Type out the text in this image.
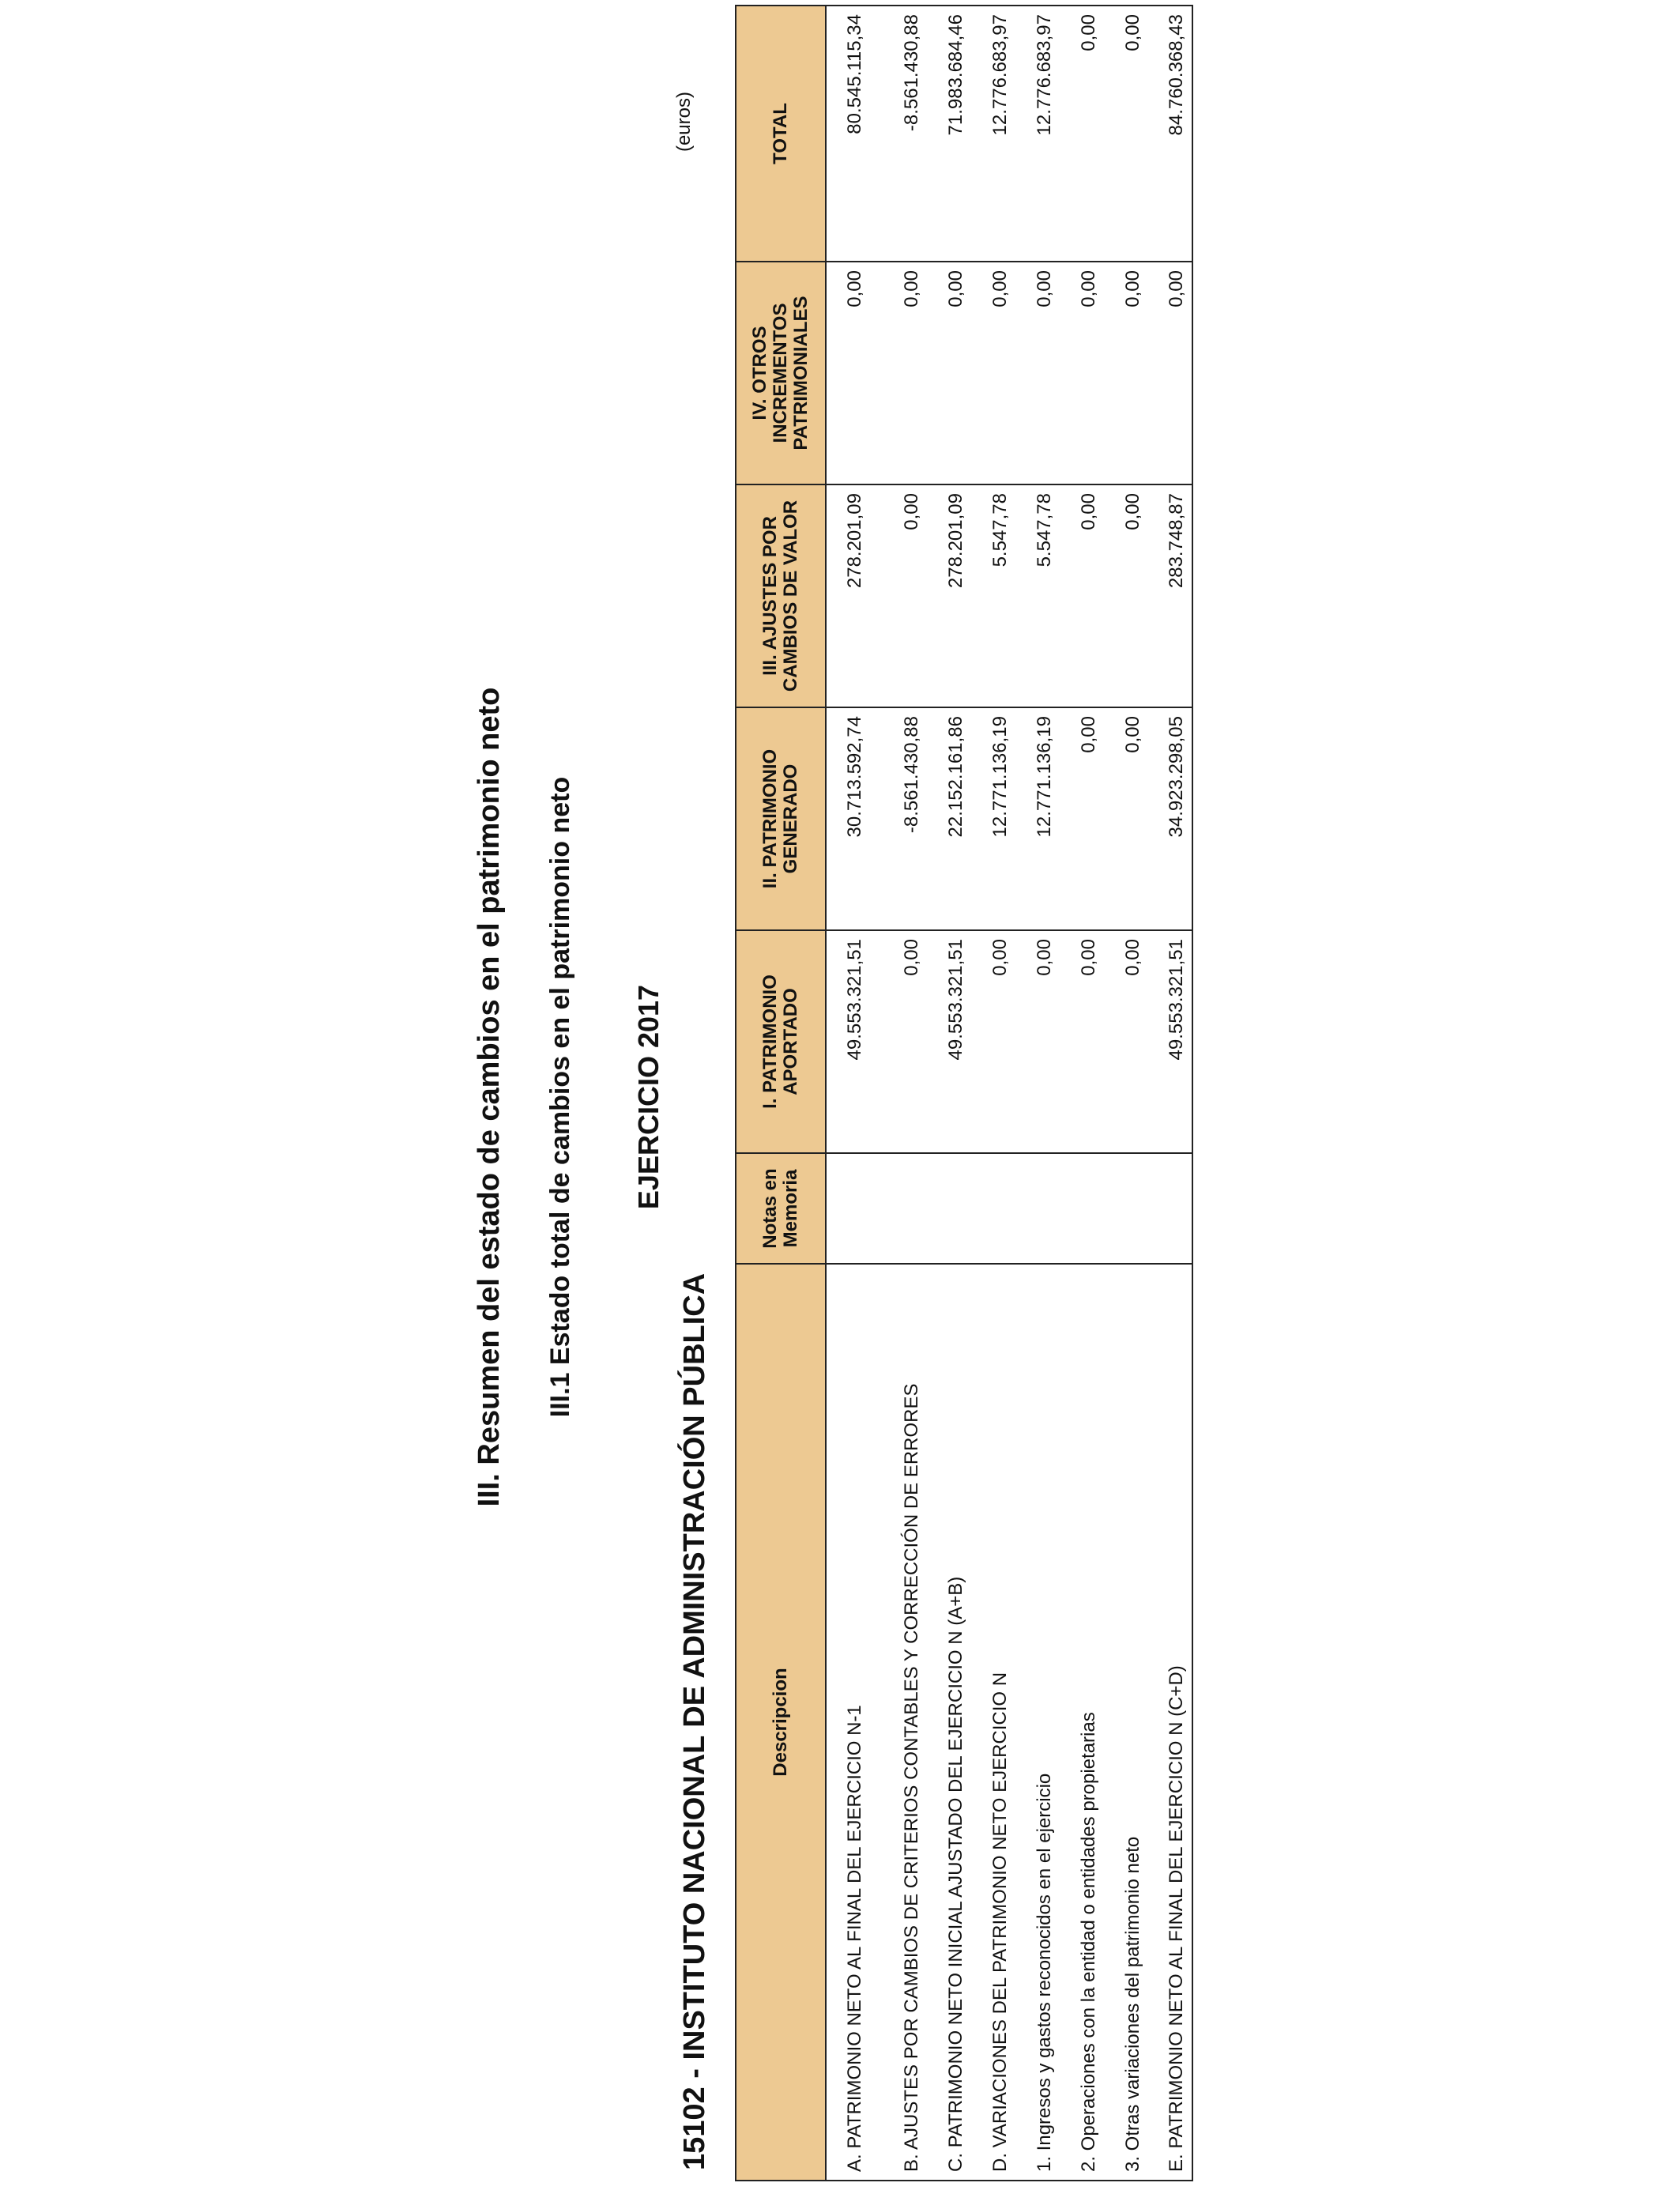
III. Resumen del estado de cambios en el patrimonio neto III.1 Estado total de cambios en el patrimonio neto EJERCICIO 2017
15102 - INSTITUTO NACIONAL DE ADMINISTRACIÓN PÚBLICA
(euros)
Descripcion	Notas en Memoria	I. PATRIMONIO APORTADO	II. PATRIMONIO GENERADO	III. AJUSTES POR CAMBIOS DE VALOR	IV. OTROS INCREMENTOS PATRIMONIALES	TOTAL
A. PATRIMONIO NETO AL FINAL DEL EJERCICIO N-1		49.553.321,51	30.713.592,74	278.201,09	0,00	80.545.115,34
B. AJUSTES POR CAMBIOS DE CRITERIOS CONTABLES Y CORRECCIÓN DE ERRORES		0,00	-8.561.430,88	0,00	0,00	-8.561.430,88
C. PATRIMONIO NETO INICIAL AJUSTADO DEL EJERCICIO N (A+B)		49.553.321,51	22.152.161,86	278.201,09	0,00	71.983.684,46
D. VARIACIONES DEL PATRIMONIO NETO EJERCICIO N		0,00	12.771.136,19	5.547,78	0,00	12.776.683,97
1. Ingresos y gastos reconocidos en el ejercicio		0,00	12.771.136,19	5.547,78	0,00	12.776.683,97
2. Operaciones con la entidad o entidades propietarias		0,00	0,00	0,00	0,00	0,00
3. Otras variaciones del patrimonio neto		0,00	0,00	0,00	0,00	0,00
E. PATRIMONIO NETO AL FINAL DEL EJERCICIO N (C+D)		49.553.321,51	34.923.298,05	283.748,87	0,00	84.760.368,43
